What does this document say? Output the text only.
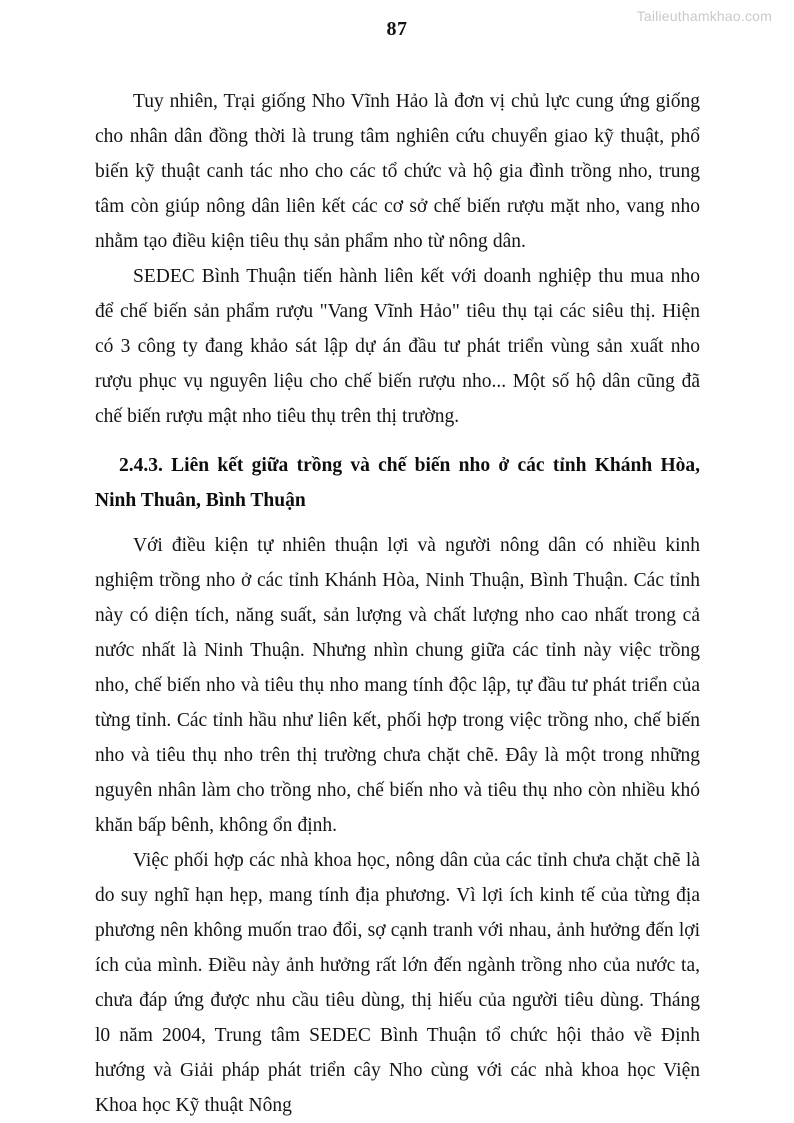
Tailieuthamkhao.com
87

Tuy nhiên, Trại giống Nho Vĩnh Hảo là đơn vị chủ lực cung ứng giống cho nhân dân đồng thời là trung tâm nghiên cứu chuyển giao kỹ thuật, phổ biến kỹ thuật canh tác nho cho các tổ chức và hộ gia đình trồng nho, trung tâm còn giúp nông dân liên kết các cơ sở chế biến rượu mặt nho, vang nho nhằm tạo điều kiện tiêu thụ sản phẩm nho từ nông dân.

SEDEC Bình Thuận tiến hành liên kết với doanh nghiệp thu mua nho để chế biến sản phẩm rượu "Vang Vĩnh Hảo" tiêu thụ tại các siêu thị. Hiện có 3 công ty đang khảo sát lập dự án đầu tư phát triển vùng sản xuất nho rượu phục vụ nguyên liệu cho chế biến rượu nho... Một số hộ dân cũng đã chế biến rượu mật nho tiêu thụ trên thị trường.

2.4.3. Liên kết giữa trồng và chế biến nho ở các tỉnh Khánh Hòa, Ninh Thuân, Bình Thuận

Với điều kiện tự nhiên thuận lợi và người nông dân có nhiều kinh nghiệm trồng nho ở các tỉnh Khánh Hòa, Ninh Thuận, Bình Thuận. Các tỉnh này có diện tích, năng suất, sản lượng và chất lượng nho cao nhất trong cả nước nhất là Ninh Thuận. Nhưng nhìn chung giữa các tỉnh này việc trồng nho, chế biến nho và tiêu thụ nho mang tính độc lập, tự đầu tư phát triển của từng tỉnh. Các tỉnh hầu như liên kết, phối hợp trong việc trồng nho, chế biến nho và tiêu thụ nho trên thị trường chưa chặt chẽ. Đây là một trong những nguyên nhân làm cho trồng nho, chế biến nho và tiêu thụ nho còn nhiều khó khăn bấp bênh, không ổn định.

Việc phối hợp các nhà khoa học, nông dân của các tỉnh chưa chặt chẽ là do suy nghĩ hạn hẹp, mang tính địa phương. Vì lợi ích kinh tế của từng địa phương nên không muốn trao đổi, sợ cạnh tranh với nhau, ảnh hưởng đến lợi ích của mình. Điều này ảnh hưởng rất lớn đến ngành trồng nho của nước ta, chưa đáp ứng được nhu cầu tiêu dùng, thị hiếu của người tiêu dùng. Tháng l0 năm 2004, Trung tâm SEDEC Bình Thuận tổ chức hội thảo về Định hướng và Giải pháp phát triển cây Nho cùng với các nhà khoa học Viện Khoa học Kỹ thuật Nông
